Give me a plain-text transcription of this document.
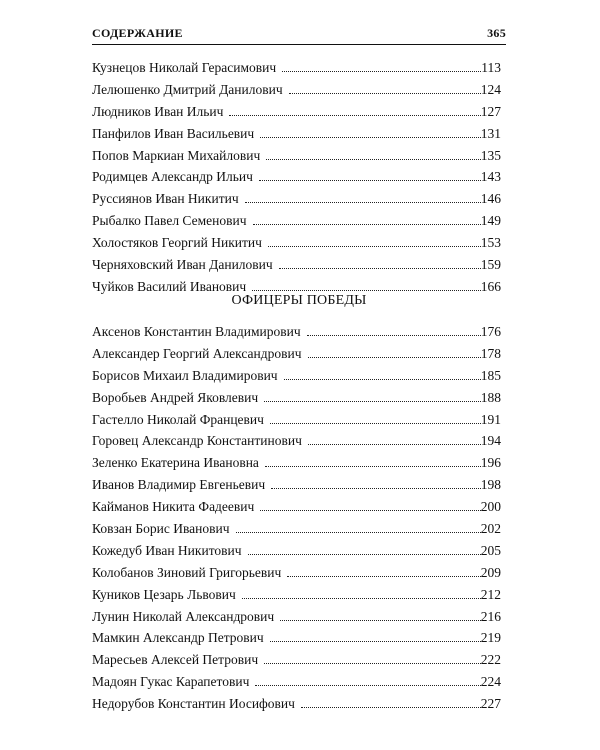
СОДЕРЖАНИЕ	365
Кузнецов Николай Герасимович	113
Лелюшенко Дмитрий Данилович	124
Людников Иван Ильич	127
Панфилов Иван Васильевич	131
Попов Маркиан Михайлович	135
Родимцев Александр Ильич	143
Руссиянов Иван Никитич	146
Рыбалко Павел Семенович	149
Холостяков Георгий Никитич	153
Черняховский Иван Данилович	159
Чуйков Василий Иванович	166
ОФИЦЕРЫ ПОБЕДЫ
Аксенов Константин Владимирович	176
Александер Георгий Александрович	178
Борисов Михаил Владимирович	185
Воробьев Андрей Яковлевич	188
Гастелло Николай Францевич	191
Горовец Александр Константинович	194
Зеленко Екатерина Ивановна	196
Иванов Владимир Евгеньевич	198
Кайманов Никита Фадеевич	200
Ковзан Борис Иванович	202
Кожедуб Иван Никитович	205
Колобанов Зиновий Григорьевич	209
Куников Цезарь Львович	212
Лунин Николай Александрович	216
Мамкин Александр Петрович	219
Маресьев Алексей Петрович	222
Мадоян Гукас Карапетович	224
Недорубов Константин Иосифович	227
